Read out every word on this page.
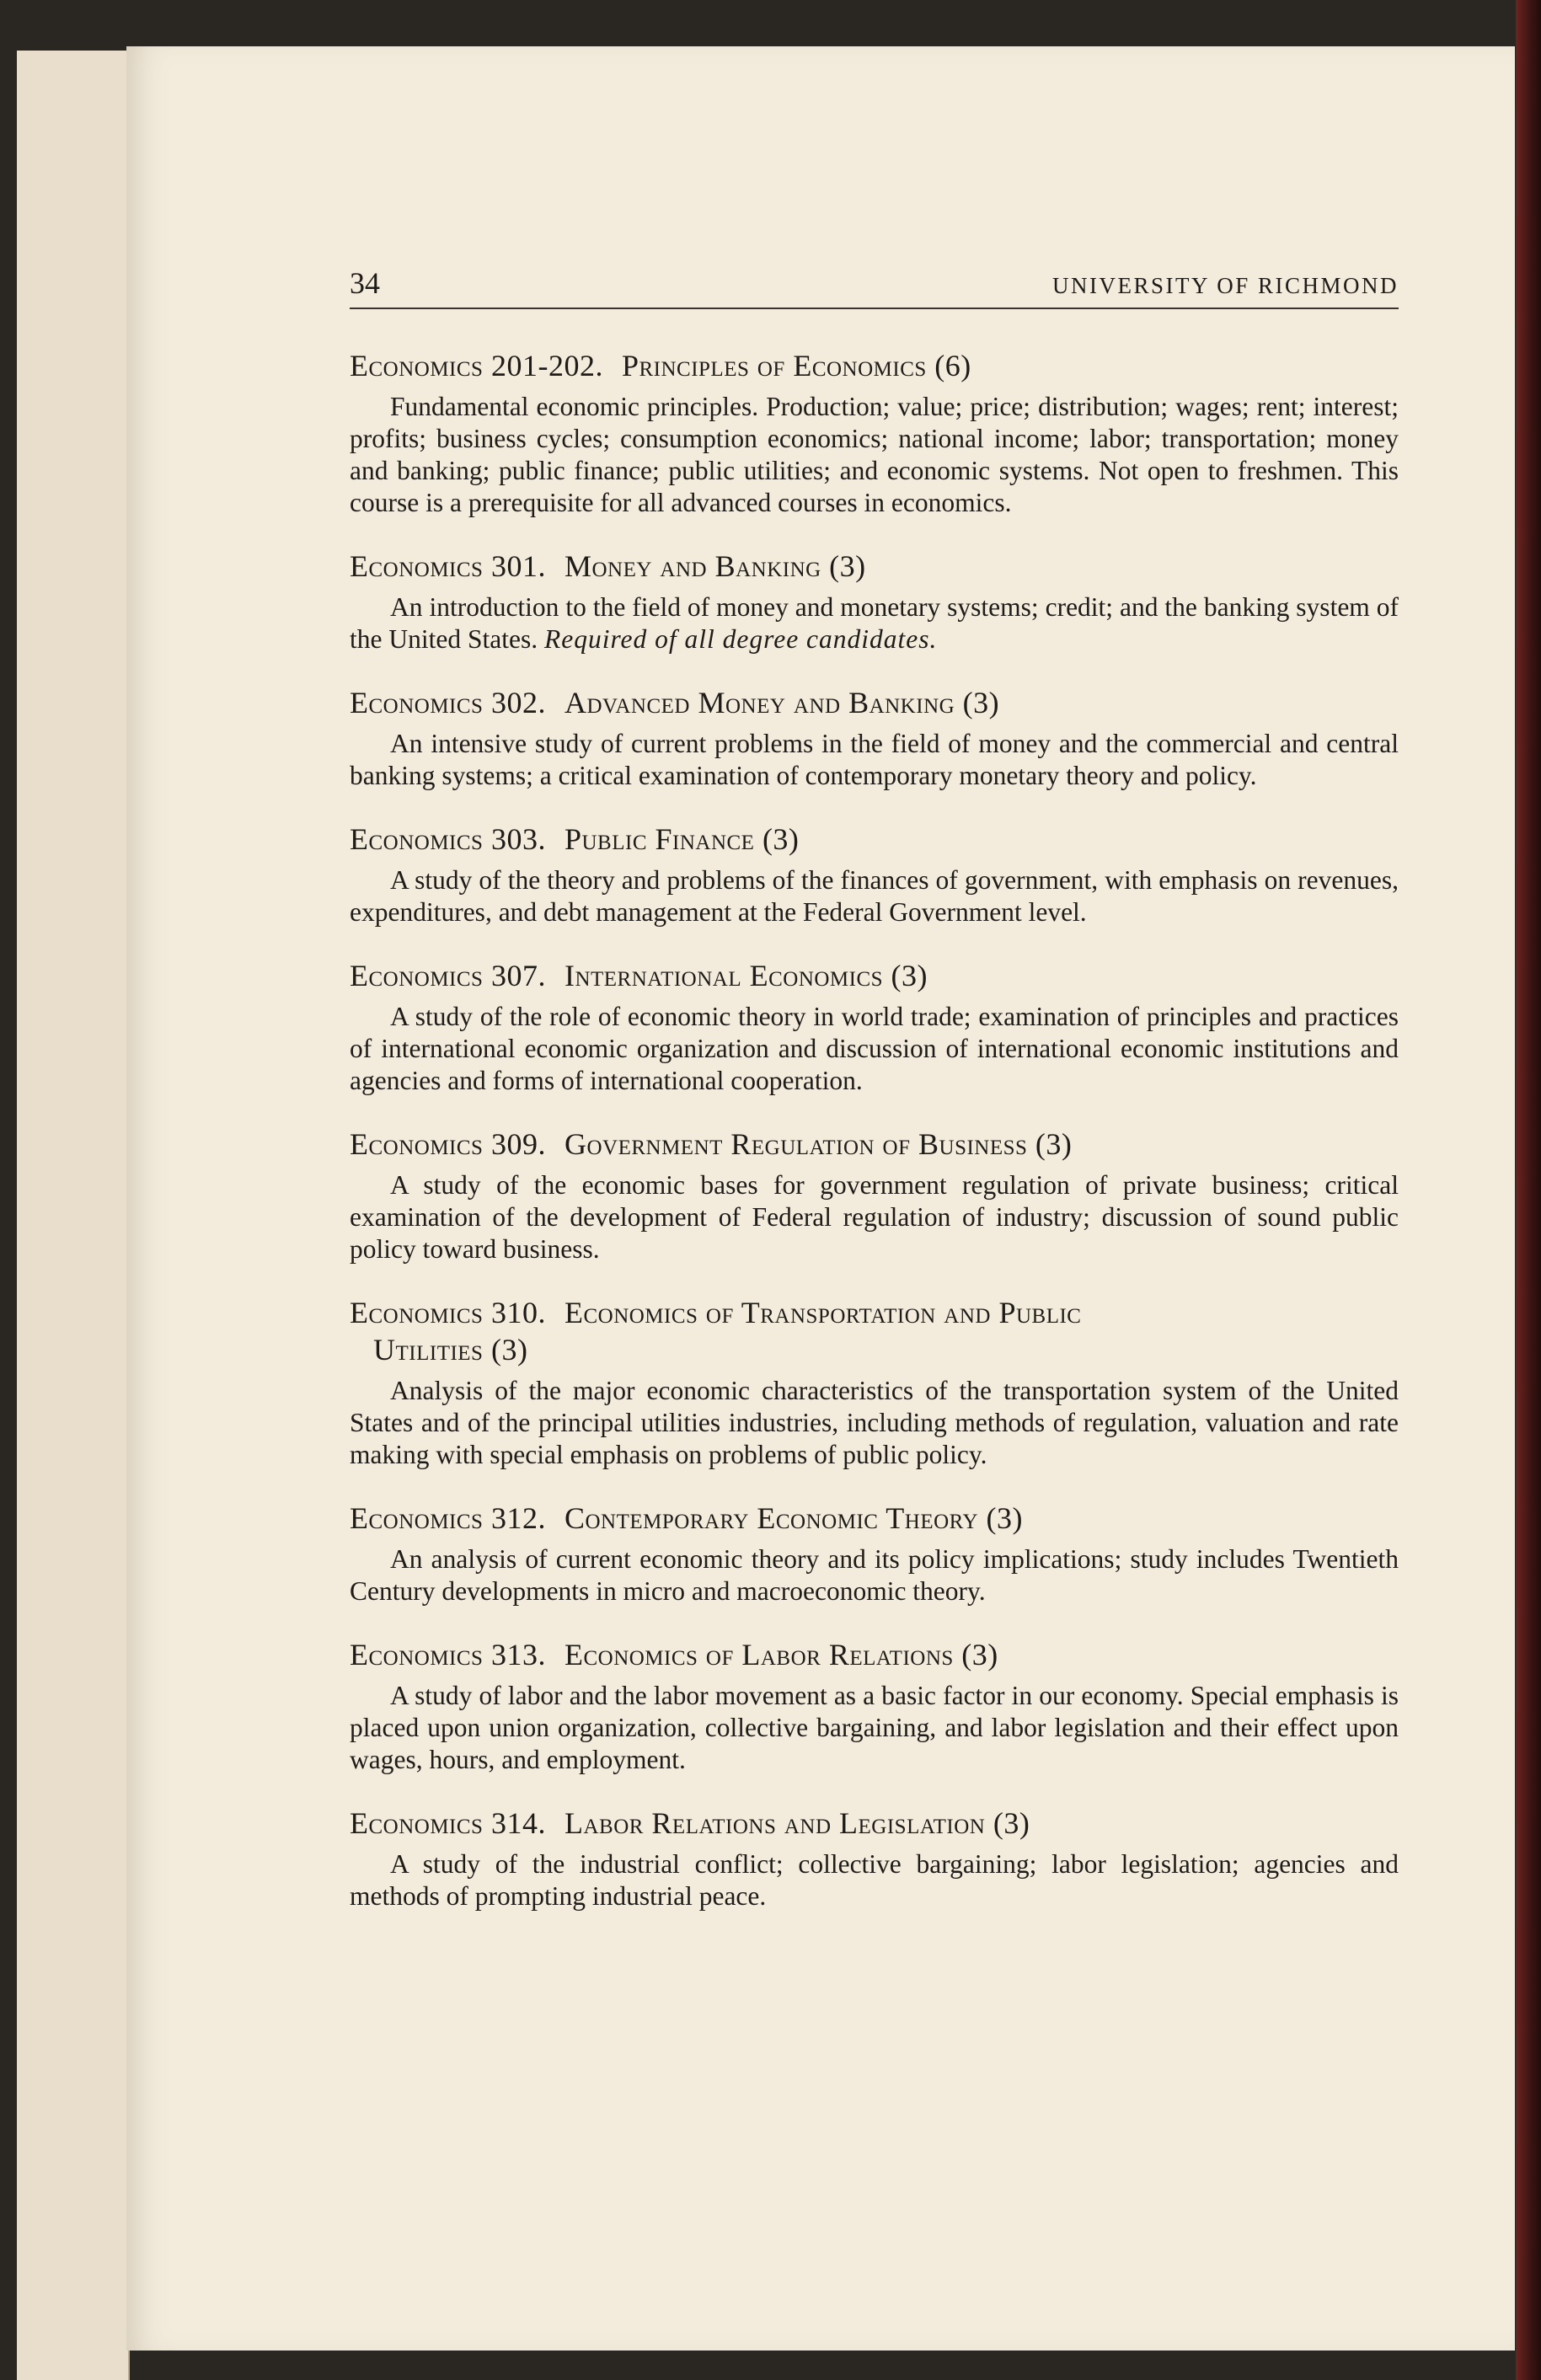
34	UNIVERSITY OF RICHMOND

Economics 201-202. Principles of Economics (6)

Fundamental economic principles. Production; value; price; distribution; wages; rent; interest; profits; business cycles; consumption economics; national income; labor; transportation; money and banking; public finance; public utilities; and economic systems. Not open to freshmen. This course is a prerequisite for all advanced courses in economics.

Economics 301. Money and Banking (3)

An introduction to the field of money and monetary systems; credit; and the banking system of the United States. Required of all degree candidates.

Economics 302. Advanced Money and Banking (3)

An intensive study of current problems in the field of money and the commercial and central banking systems; a critical examination of contemporary monetary theory and policy.

Economics 303. Public Finance (3)

A study of the theory and problems of the finances of government, with emphasis on revenues, expenditures, and debt management at the Federal Government level.

Economics 307. International Economics (3)

A study of the role of economic theory in world trade; examination of principles and practices of international economic organization and discussion of international economic institutions and agencies and forms of international cooperation.

Economics 309. Government Regulation of Business (3)

A study of the economic bases for government regulation of private business; critical examination of the development of Federal regulation of industry; discussion of sound public policy toward business.

Economics 310. Economics of Transportation and Public
Utilities (3)

Analysis of the major economic characteristics of the transportation system of the United States and of the principal utilities industries, including methods of regulation, valuation and rate making with special emphasis on problems of public policy.

Economics 312. Contemporary Economic Theory (3)

An analysis of current economic theory and its policy implications; study includes Twentieth Century developments in micro and macroeconomic theory.

Economics 313. Economics of Labor Relations (3)

A study of labor and the labor movement as a basic factor in our economy. Special emphasis is placed upon union organization, collective bargaining, and labor legislation and their effect upon wages, hours, and employment.

Economics 314. Labor Relations and Legislation (3)

A study of the industrial conflict; collective bargaining; labor legislation; agencies and methods of prompting industrial peace.
